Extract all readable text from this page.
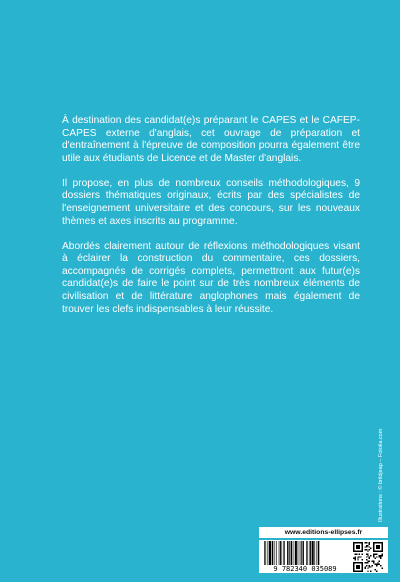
À destination des candidat(e)s préparant le CAPES et le CAFEP-CAPES externe d'anglais, cet ouvrage de préparation et d'entraînement à l'épreuve de composition pourra également être utile aux étudiants de Licence et de Master d'anglais.

Il propose, en plus de nombreux conseils méthodologiques, 9 dossiers thématiques originaux, écrits par des spécialistes de l'enseignement universitaire et des concours, sur les nouveaux thèmes et axes inscrits au programme.

Abordés clairement autour de réflexions méthodologiques visant à éclairer la construction du commentaire, ces dossiers, accompagnés de corrigés complets, permettront aux futur(e)s candidat(e)s de faire le point sur de très nombreux éléments de civilisation et de littérature anglophones mais également de trouver les clefs indispensables à leur réussite.

Illustrations : © brildjeap – Fotolia.com
www.editions-ellipses.fr
9 782340 035089
